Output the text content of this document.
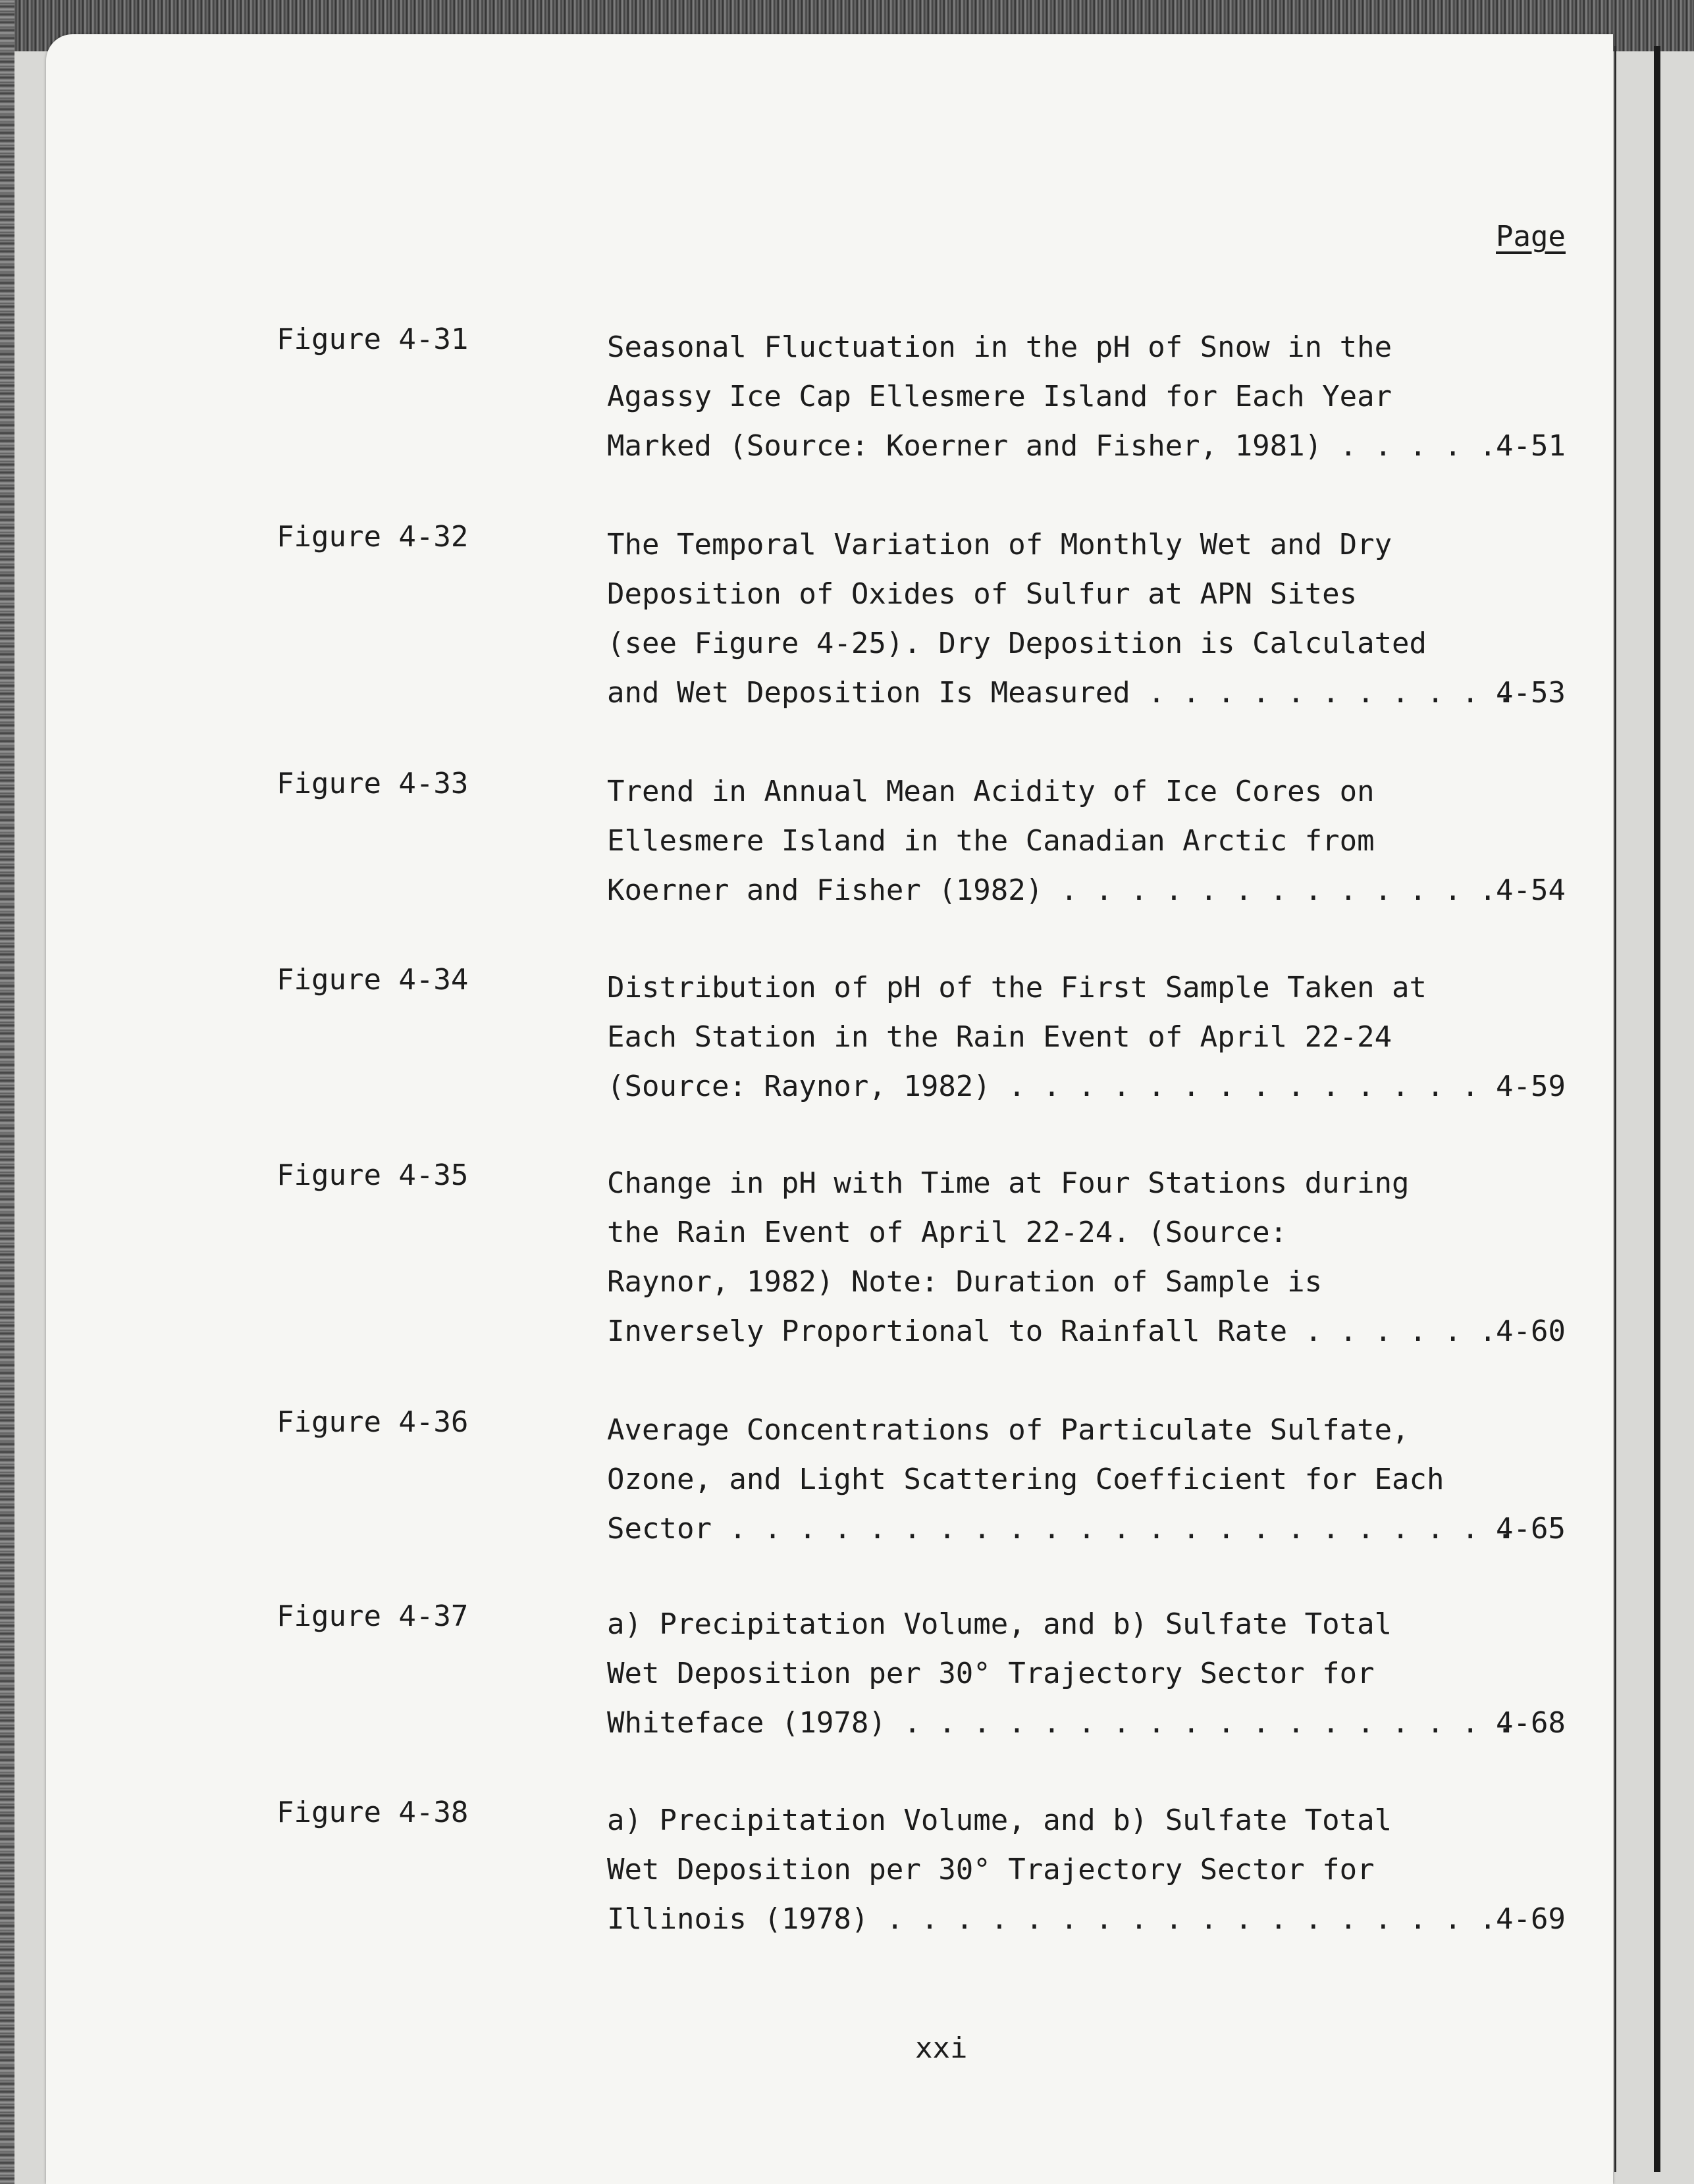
Page
Figure 4-31	Seasonal Fluctuation in the pH of Snow in the
Agassy Ice Cap Ellesmere Island for Each Year
Marked (Source: Koerner and Fisher, 1981) . . . . .
4-51
Figure 4-32	The Temporal Variation of Monthly Wet and Dry
Deposition of Oxides of Sulfur at APN Sites
(see Figure 4-25). Dry Deposition is Calculated
and Wet Deposition Is Measured . . . . . . . . . . .
4-53
Figure 4-33	Trend in Annual Mean Acidity of Ice Cores on
Ellesmere Island in the Canadian Arctic from
Koerner and Fisher (1982) . . . . . . . . . . . . .
4-54
Figure 4-34	Distribution of pH of the First Sample Taken at
Each Station in the Rain Event of April 22-24
(Source: Raynor, 1982) . . . . . . . . . . . . . . 4-59
Figure 4-35	Change in pH with Time at Four Stations during
the Rain Event of April 22-24. (Source:
Raynor, 1982) Note: Duration of Sample is
Inversely Proportional to Rainfall Rate . . . . . .
4-60
Figure 4-36	Average Concentrations of Particulate Sulfate,
Ozone, and Light Scattering Coefficient for Each
Sector . . . . . . . . . . . . . . . . . . . . . . .
4-65
Figure 4-37	a) Precipitation Volume, and b) Sulfate Total
Wet Deposition per 30° Trajectory Sector for
Whiteface (1978) . . . . . . . . . . . . . . . . . .
4-68
Figure 4-38	a) Precipitation Volume, and b) Sulfate Total
Wet Deposition per 30° Trajectory Sector for
Illinois (1978) . . . . . . . . . . . . . . . . . .
4-69
xxi
